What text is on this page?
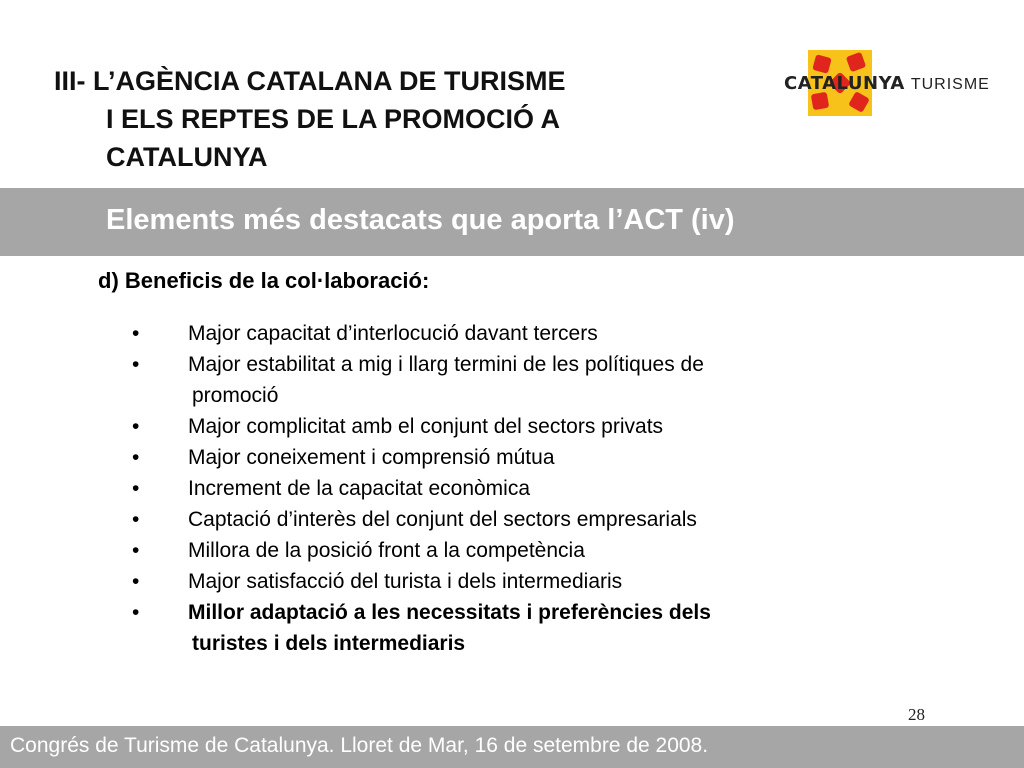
III- L’AGÈNCIA CATALANA DE TURISME
I ELS REPTES DE LA PROMOCIÓ A
CATALUNYA
CATALUNYA TURISME
Elements més destacats que aporta l’ACT (iv)
d) Beneficis de la col·laboració:
•	Major capacitat d’interlocució davant tercers
•	Major estabilitat a mig i llarg termini de les polítiques de
promoció
•	Major complicitat amb el conjunt del sectors privats
•	Major coneixement i comprensió mútua
•	Increment de la capacitat econòmica
•	Captació d’interès del conjunt del sectors empresarials
•	Millora de la posició front a la competència
•	Major satisfacció del turista i dels intermediaris
•	Millor adaptació a les necessitats i preferències dels
turistes i dels intermediaris
28
Congrés de Turisme de Catalunya. Lloret de Mar, 16 de setembre de 2008.
